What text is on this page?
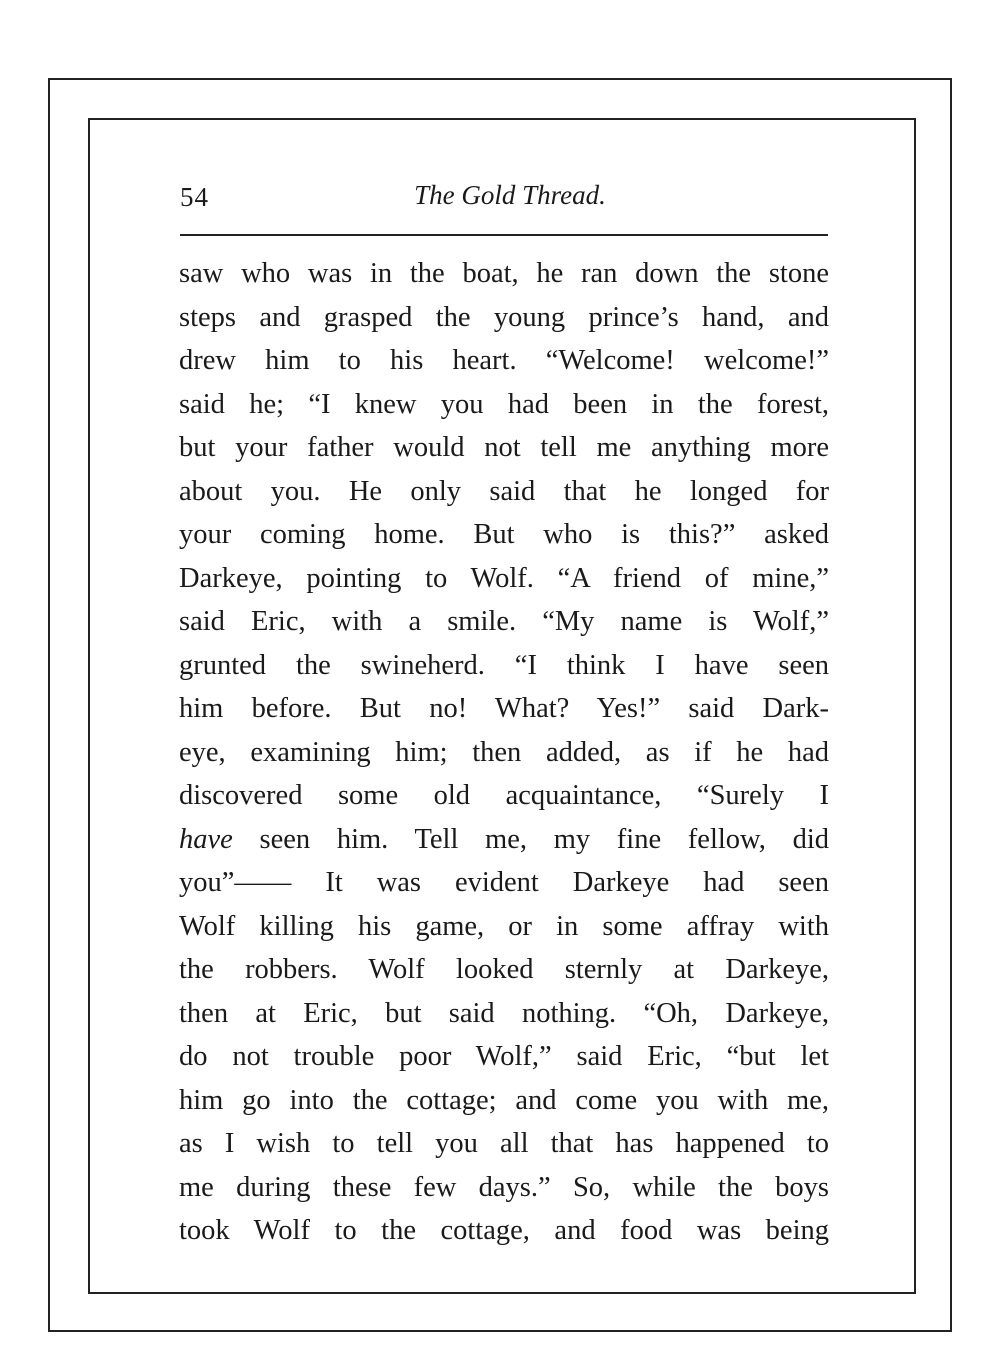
54	The Gold Thread.
saw who was in the boat, he ran down the stone
steps and grasped the young prince’s hand, and
drew him to his heart. “Welcome! welcome!”
said he; “I knew you had been in the forest,
but your father would not tell me anything more
about you. He only said that he longed for
your coming home. But who is this?” asked
Darkeye, pointing to Wolf. “A friend of mine,”
said Eric, with a smile. “My name is Wolf,”
grunted the swineherd. “I think I have seen
him before. But no! What? Yes!” said Dark-
eye, examining him; then added, as if he had
discovered some old acquaintance, “Surely I
have seen him. Tell me, my fine fellow, did
you”—— It was evident Darkeye had seen
Wolf killing his game, or in some affray with
the robbers. Wolf looked sternly at Darkeye,
then at Eric, but said nothing. “Oh, Darkeye,
do not trouble poor Wolf,” said Eric, “but let
him go into the cottage; and come you with me,
as I wish to tell you all that has happened to
me during these few days.” So, while the boys
took Wolf to the cottage, and food was being
